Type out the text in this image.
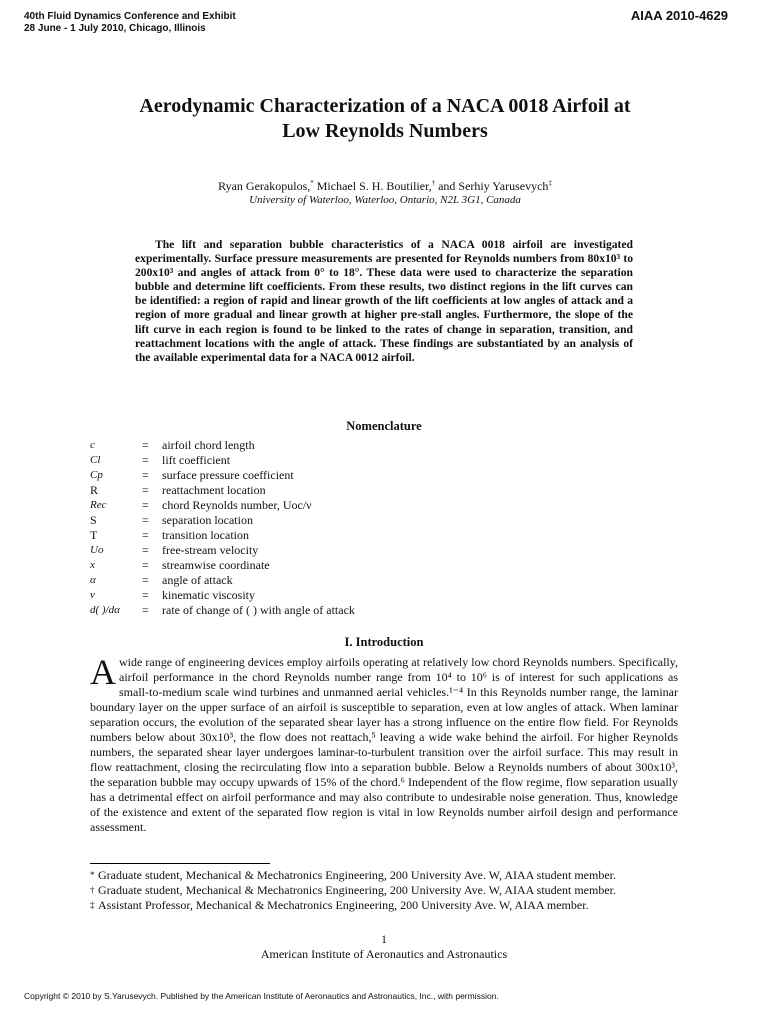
40th Fluid Dynamics Conference and Exhibit
28 June - 1 July 2010, Chicago, Illinois
AIAA 2010-4629
Aerodynamic Characterization of a NACA 0018 Airfoil at
Low Reynolds Numbers
Ryan Gerakopulos,* Michael S. H. Boutilier,† and Serhiy Yarusevych‡
University of Waterloo, Waterloo, Ontario, N2L 3G1, Canada
The lift and separation bubble characteristics of a NACA 0018 airfoil are investigated experimentally. Surface pressure measurements are presented for Reynolds numbers from 80x10³ to 200x10³ and angles of attack from 0° to 18°. These data were used to characterize the separation bubble and determine lift coefficients. From these results, two distinct regions in the lift curves can be identified: a region of rapid and linear growth of the lift coefficients at low angles of attack and a region of more gradual and linear growth at higher pre-stall angles. Furthermore, the slope of the lift curve in each region is found to be linked to the rates of change in separation, transition, and reattachment locations with the angle of attack. These findings are substantiated by an analysis of the available experimental data for a NACA 0012 airfoil.
Nomenclature
c	= airfoil chord length
Cl	= lift coefficient
Cp	= surface pressure coefficient
R	= reattachment location
Rec	= chord Reynolds number, Uoc/ν
S	= separation location
T	= transition location
Uo	= free-stream velocity
x	= streamwise coordinate
α	= angle of attack
ν	= kinematic viscosity
d( )/dα	= rate of change of ( ) with angle of attack
I. Introduction
Awide range of engineering devices employ airfoils operating at relatively low chord Reynolds numbers. Specifically, airfoil performance in the chord Reynolds number range from 10⁴ to 10⁶ is of interest for such applications as small-to-medium scale wind turbines and unmanned aerial vehicles.¹⁻⁴ In this Reynolds number range, the laminar boundary layer on the upper surface of an airfoil is susceptible to separation, even at low angles of attack. When laminar separation occurs, the evolution of the separated shear layer has a strong influence on the entire flow field. For Reynolds numbers below about 30x10³, the flow does not reattach,⁵ leaving a wide wake behind the airfoil. For higher Reynolds numbers, the separated shear layer undergoes laminar-to-turbulent transition over the airfoil surface. This may result in flow reattachment, closing the recirculating flow into a separation bubble. Below a Reynolds numbers of about 300x10³, the separation bubble may occupy upwards of 15% of the chord.⁶ Independent of the flow regime, flow separation usually has a detrimental effect on airfoil performance and may also contribute to undesirable noise generation. Thus, knowledge of the existence and extent of the separated flow region is vital in low Reynolds number airfoil design and performance assessment.
* Graduate student, Mechanical & Mechatronics Engineering, 200 University Ave. W, AIAA student member.
† Graduate student, Mechanical & Mechatronics Engineering, 200 University Ave. W, AIAA student member.
‡ Assistant Professor, Mechanical & Mechatronics Engineering, 200 University Ave. W, AIAA member.
1
American Institute of Aeronautics and Astronautics
Copyright © 2010 by S.Yarusevych. Published by the American Institute of Aeronautics and Astronautics, Inc., with permission.
